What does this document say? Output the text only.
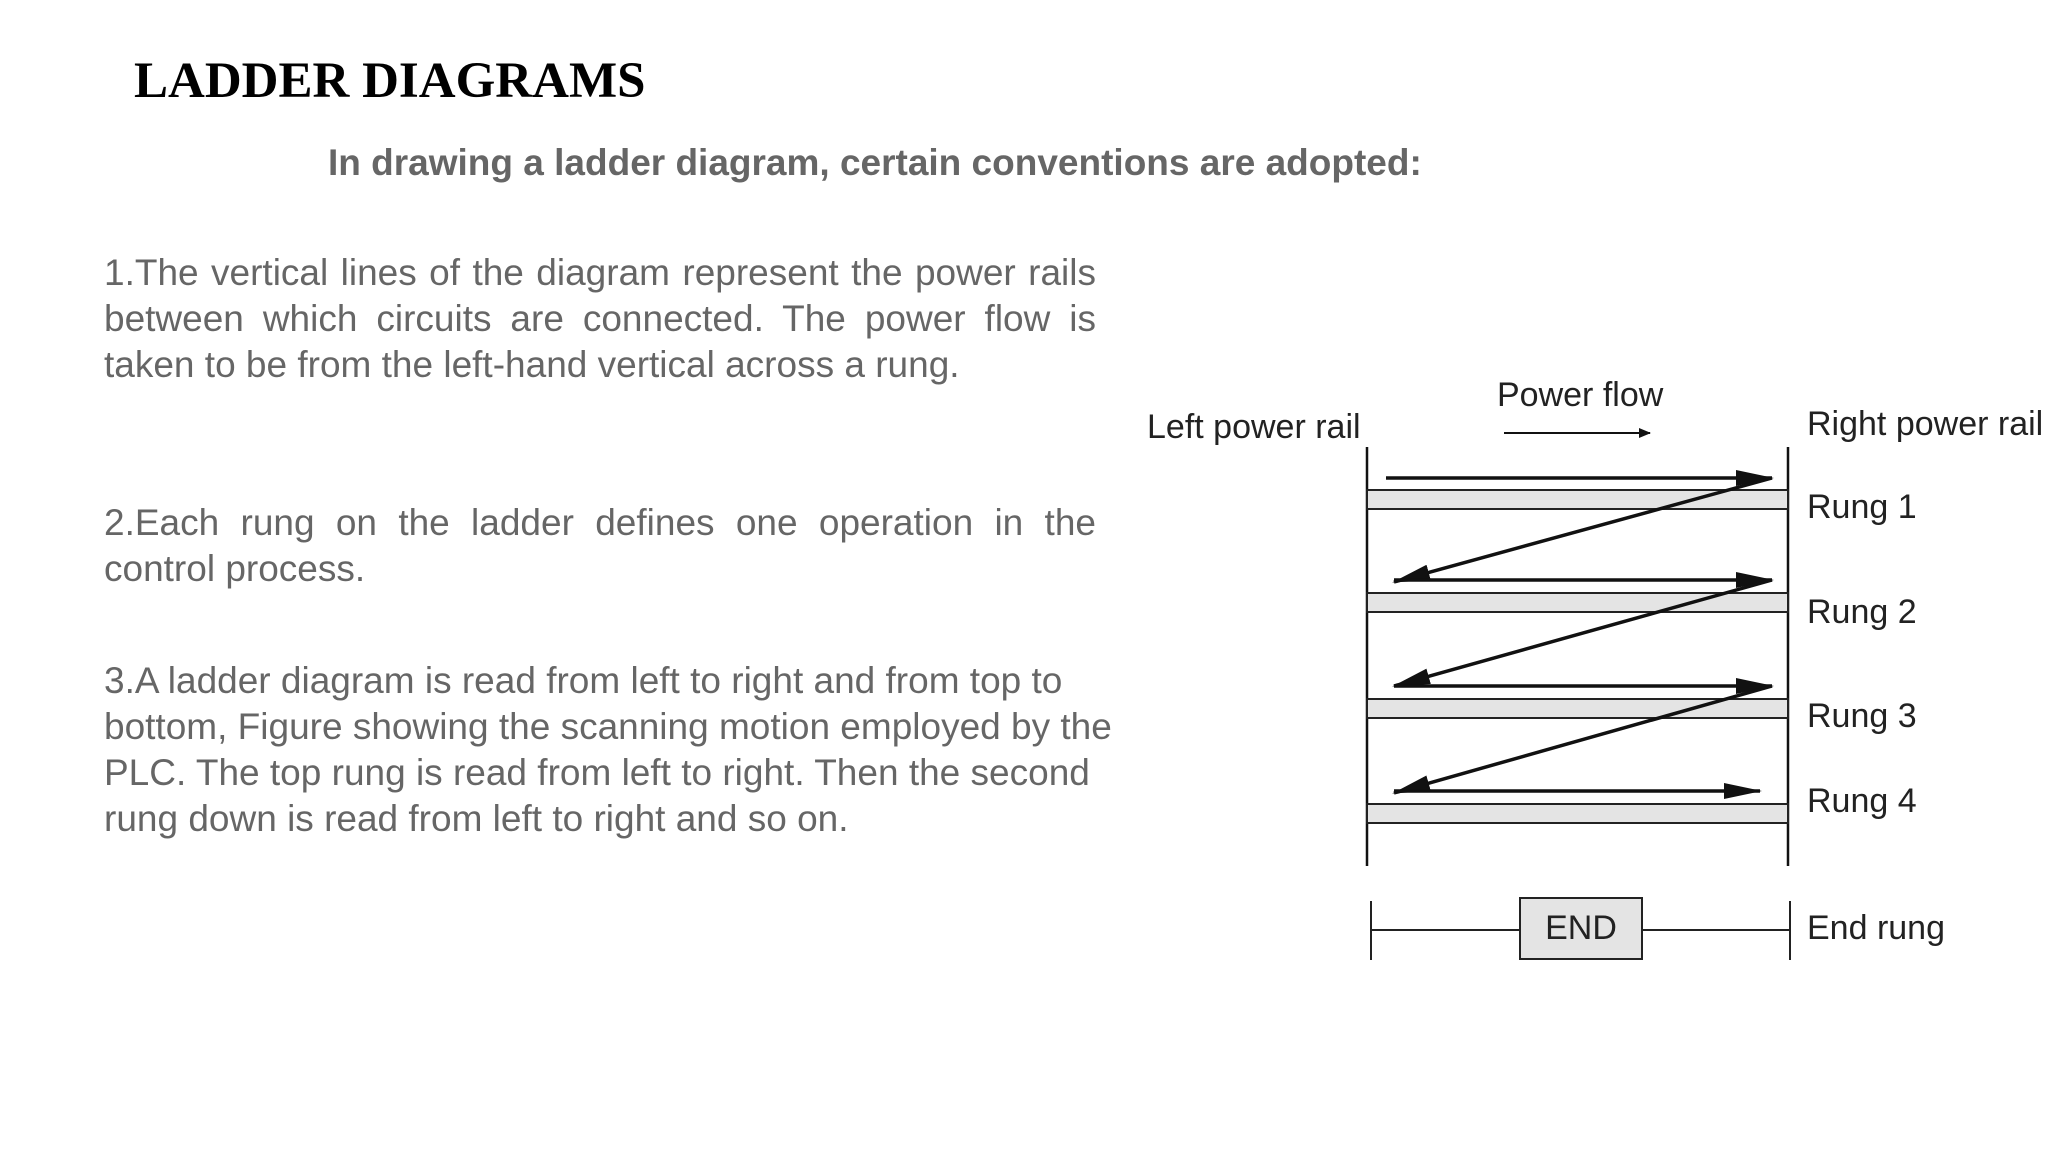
LADDER DIAGRAMS

In drawing a ladder diagram, certain conventions are adopted:

1.The vertical lines of the diagram represent the power rails between which circuits are connected. The power flow is taken to be from the left-hand vertical across a rung.

2.Each rung on the ladder defines one operation in the control process.

3.A ladder diagram is read from left to right and from top to

bottom, Figure showing the scanning motion employed by the

PLC. The top rung is read from left to right. Then the second

rung down is read from left to right and so on.

Left power rail
Power flow
Right power rail
Rung 1
Rung 2
Rung 3
Rung 4
END	End rung
